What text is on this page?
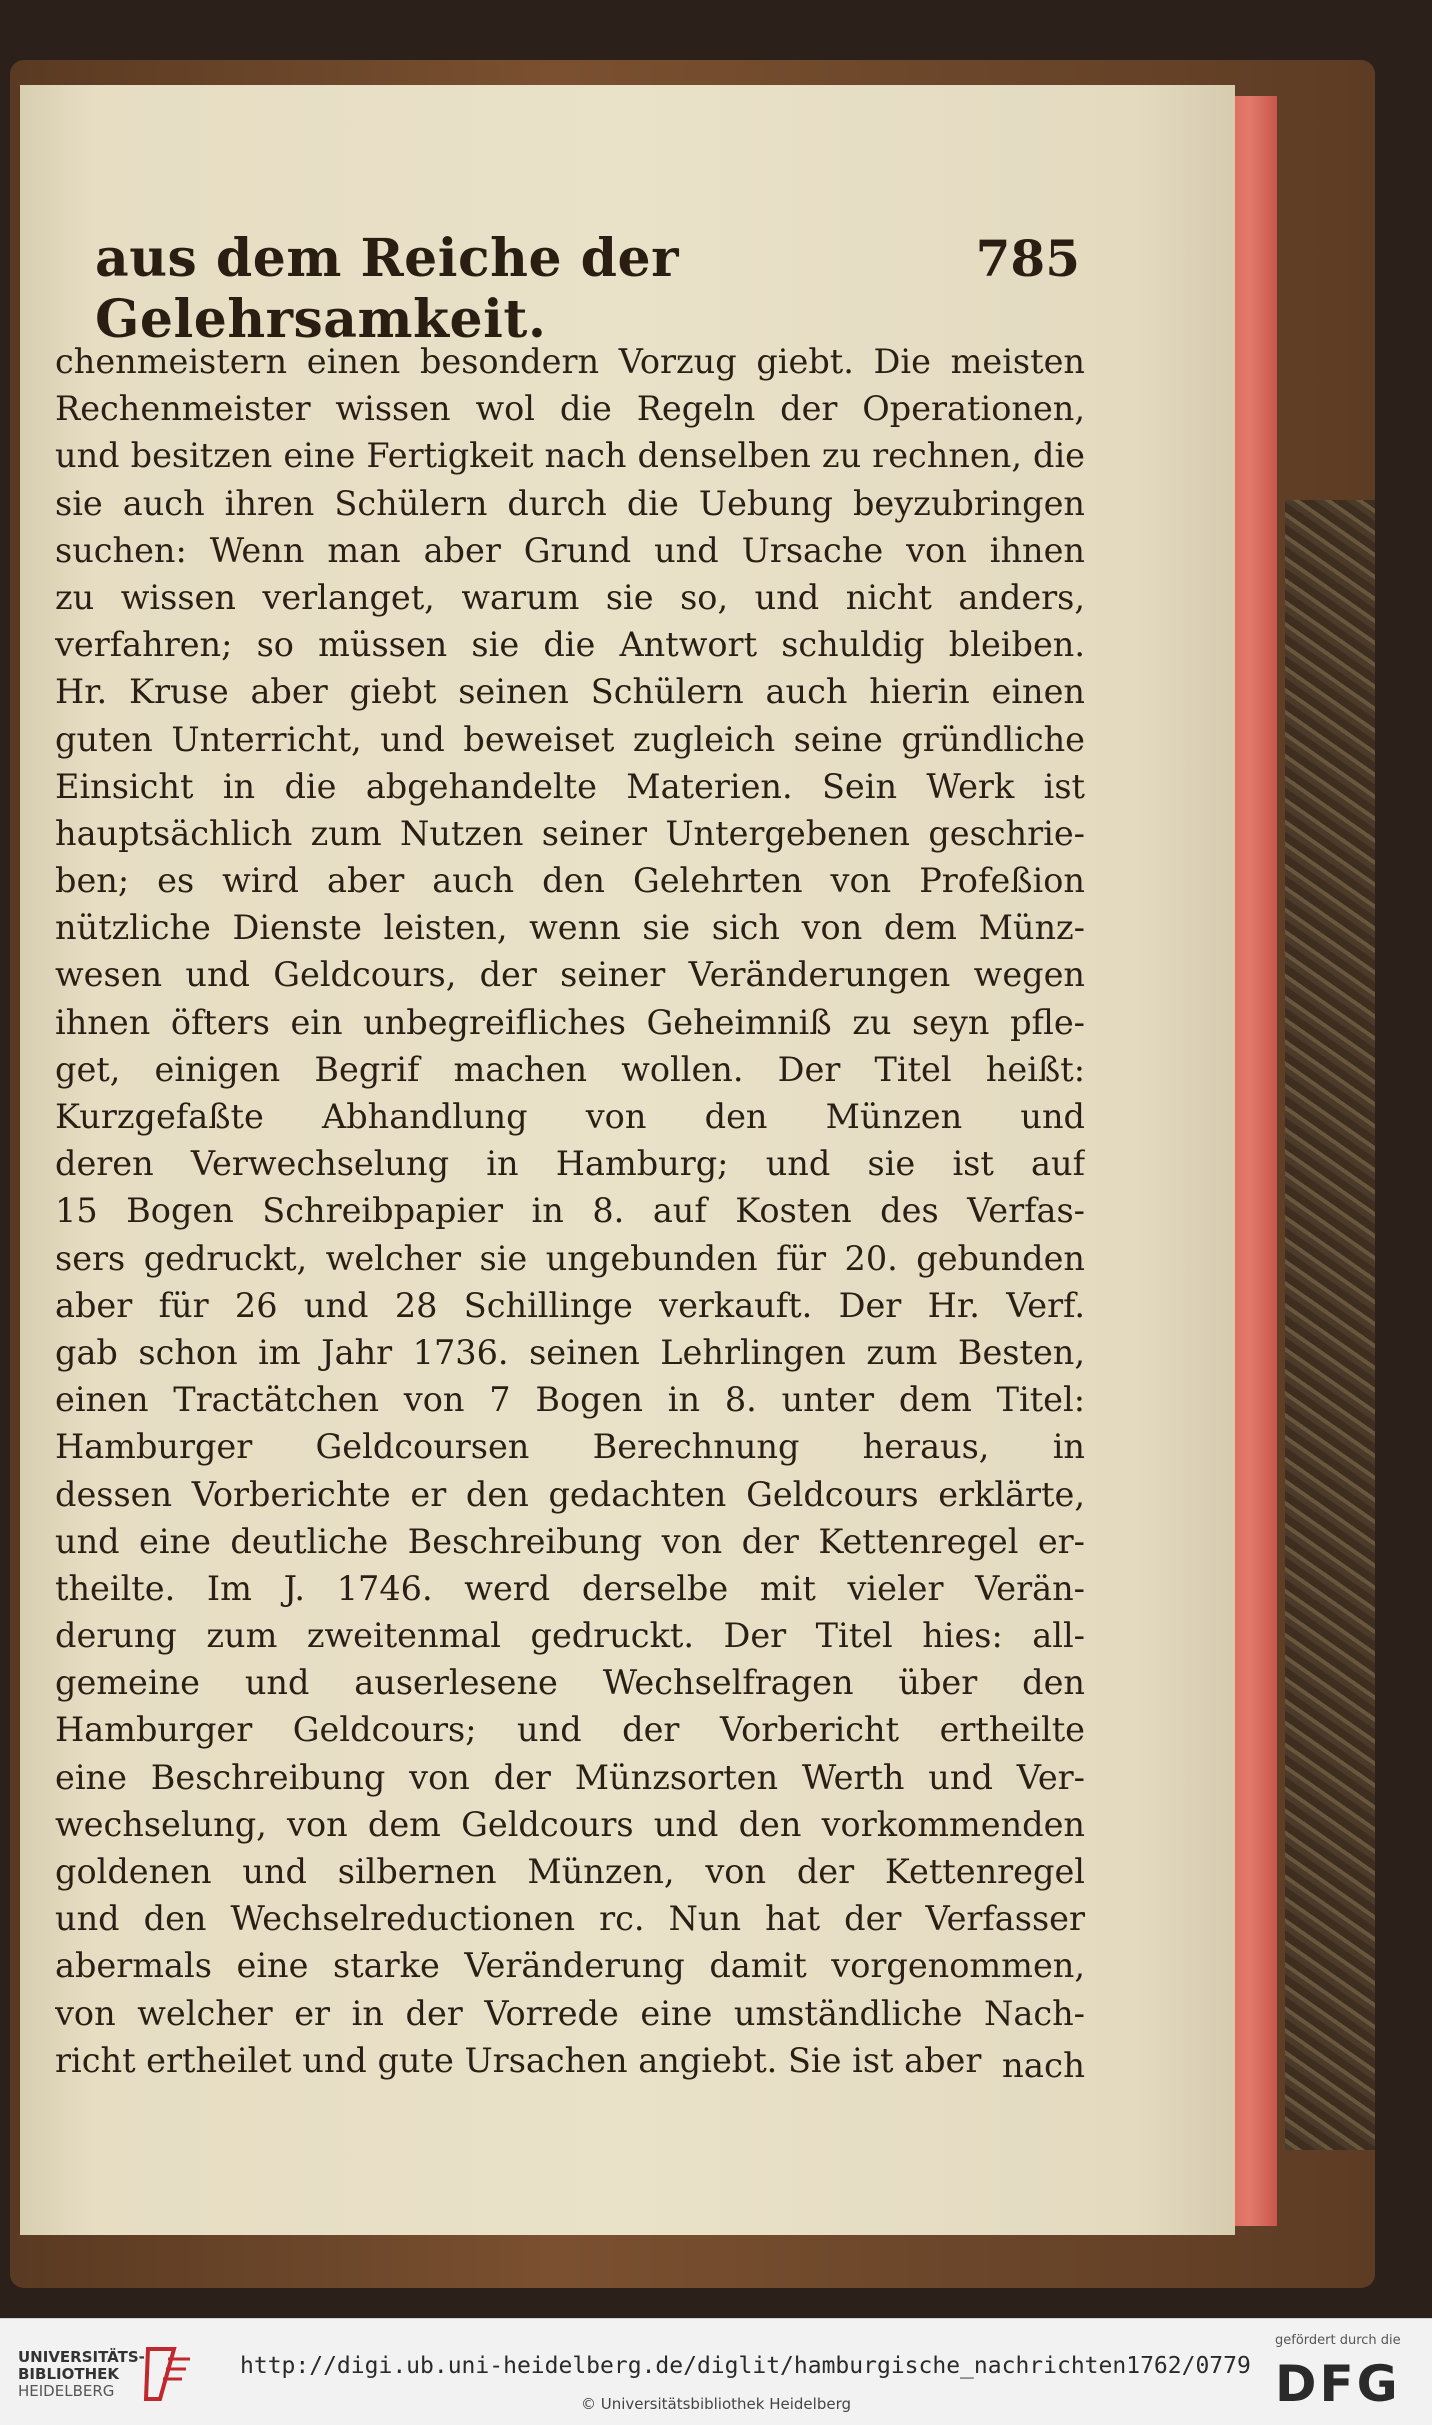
aus dem Reiche der Gelehrsamkeit.
785
chenmeistern einen besondern Vorzug giebt. Die meisten
Rechenmeister wissen wol die Regeln der Operationen,
und besitzen eine Fertigkeit nach denselben zu rechnen, die
sie auch ihren Schülern durch die Uebung beyzubringen
suchen: Wenn man aber Grund und Ursache von ihnen
zu wissen verlanget, warum sie so, und nicht anders,
verfahren; so müssen sie die Antwort schuldig bleiben.
Hr. Kruse aber giebt seinen Schülern auch hierin einen
guten Unterricht, und beweiset zugleich seine gründliche
Einsicht in die abgehandelte Materien. Sein Werk ist
hauptsächlich zum Nutzen seiner Untergebenen geschrie-
ben; es wird aber auch den Gelehrten von Profeßion
nützliche Dienste leisten, wenn sie sich von dem Münz-
wesen und Geldcours, der seiner Veränderungen wegen
ihnen öfters ein unbegreifliches Geheimniß zu seyn pfle-
get, einigen Begrif machen wollen. Der Titel heißt:
Kurzgefaßte Abhandlung von den Münzen und
deren Verwechselung in Hamburg; und sie ist auf
15 Bogen Schreibpapier in 8. auf Kosten des Verfas-
sers gedruckt, welcher sie ungebunden für 20. gebunden
aber für 26 und 28 Schillinge verkauft. Der Hr. Verf.
gab schon im Jahr 1736. seinen Lehrlingen zum Besten,
einen Tractätchen von 7 Bogen in 8. unter dem Titel:
Hamburger Geldcoursen Berechnung heraus, in
dessen Vorberichte er den gedachten Geldcours erklärte,
und eine deutliche Beschreibung von der Kettenregel er-
theilte. Im J. 1746. werd derselbe mit vieler Verän-
derung zum zweitenmal gedruckt. Der Titel hies: all-
gemeine und auserlesene Wechselfragen über den
Hamburger Geldcours; und der Vorbericht ertheilte
eine Beschreibung von der Münzsorten Werth und Ver-
wechselung, von dem Geldcours und den vorkommenden
goldenen und silbernen Münzen, von der Kettenregel
und den Wechselreductionen rc. Nun hat der Verfasser
abermals eine starke Veränderung damit vorgenommen,
von welcher er in der Vorrede eine umständliche Nach-
richt ertheilet und gute Ursachen angiebt. Sie ist aber nach
UNIVERSITÄTS-
BIBLIOTHEK
HEIDELBERG
http://digi.ub.uni-heidelberg.de/diglit/hamburgische_nachrichten1762/0779
© Universitätsbibliothek Heidelberg
gefördert durch die
DFG
